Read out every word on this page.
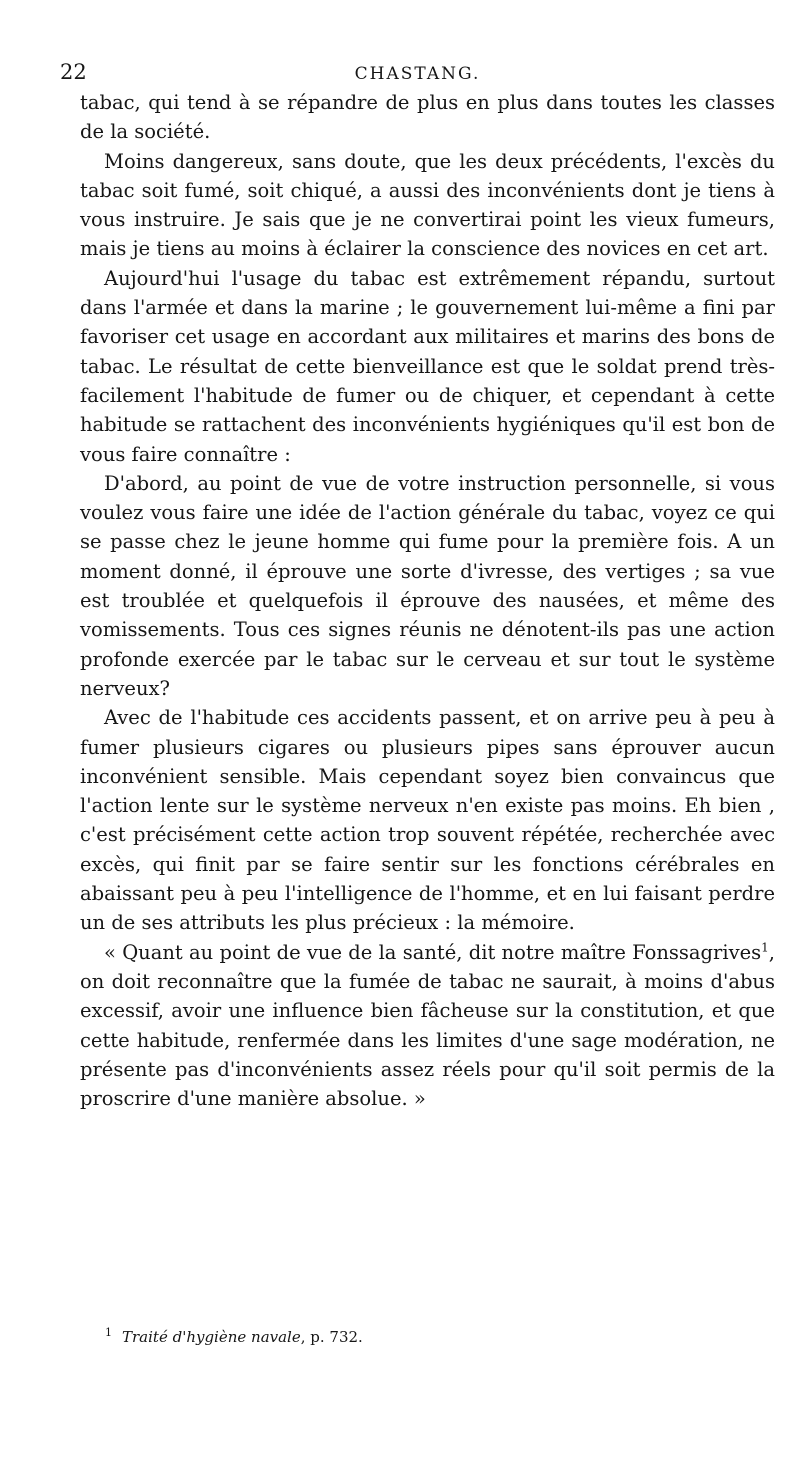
22	CHASTANG.

tabac, qui tend à se répandre de plus en plus dans toutes les classes de la société.

Moins dangereux, sans doute, que les deux précédents, l'excès du tabac soit fumé, soit chiqué, a aussi des inconvénients dont je tiens à vous instruire. Je sais que je ne convertirai point les vieux fumeurs, mais je tiens au moins à éclairer la conscience des novices en cet art.

Aujourd'hui l'usage du tabac est extrêmement répandu, surtout dans l'armée et dans la marine ; le gouvernement lui-même a fini par favoriser cet usage en accordant aux militaires et marins des bons de tabac. Le résultat de cette bienveillance est que le soldat prend très-facilement l'habitude de fumer ou de chiquer, et cependant à cette habitude se rattachent des inconvénients hygiéniques qu'il est bon de vous faire connaître :

D'abord, au point de vue de votre instruction personnelle, si vous voulez vous faire une idée de l'action générale du tabac, voyez ce qui se passe chez le jeune homme qui fume pour la première fois. A un moment donné, il éprouve une sorte d'ivresse, des vertiges ; sa vue est troublée et quelquefois il éprouve des nausées, et même des vomissements. Tous ces signes réunis ne dénotent-ils pas une action profonde exercée par le tabac sur le cerveau et sur tout le système nerveux?

Avec de l'habitude ces accidents passent, et on arrive peu à peu à fumer plusieurs cigares ou plusieurs pipes sans éprouver aucun inconvénient sensible. Mais cependant soyez bien convaincus que l'action lente sur le système nerveux n'en existe pas moins. Eh bien , c'est précisément cette action trop souvent répétée, recherchée avec excès, qui finit par se faire sentir sur les fonctions cérébrales en abaissant peu à peu l'intelligence de l'homme, et en lui faisant perdre un de ses attributs les plus précieux : la mémoire.

« Quant au point de vue de la santé, dit notre maître Fonssagrives$^1$, on doit reconnaître que la fumée de tabac ne saurait, à moins d'abus excessif, avoir une influence bien fâcheuse sur la constitution, et que cette habitude, renfermée dans les limites d'une sage modération, ne présente pas d'inconvénients assez réels pour qu'il soit permis de la proscrire d'une manière absolue. »

$^1$ Traité d'hygiène navale, p. 732.
